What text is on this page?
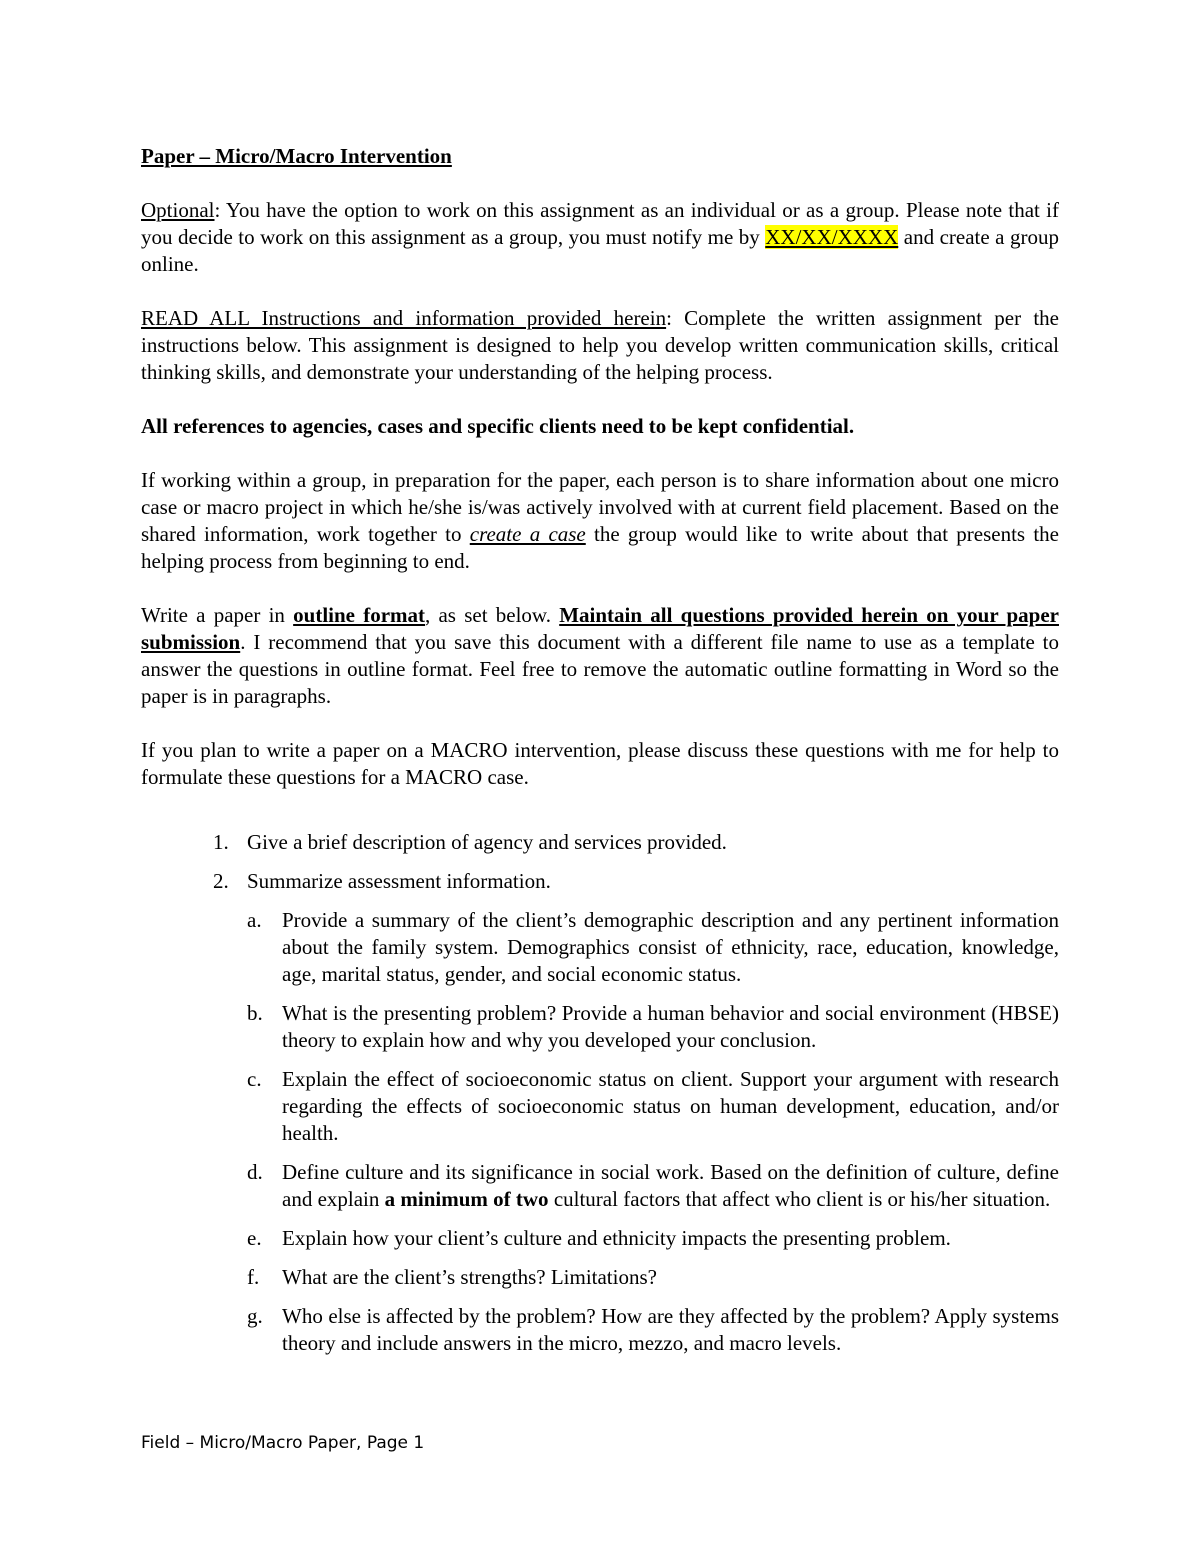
Paper – Micro/Macro Intervention

Optional: You have the option to work on this assignment as an individual or as a group. Please note that if you decide to work on this assignment as a group, you must notify me by XX/XX/XXXX and create a group online.

READ ALL Instructions and information provided herein: Complete the written assignment per the instructions below. This assignment is designed to help you develop written communication skills, critical thinking skills, and demonstrate your understanding of the helping process.

All references to agencies, cases and specific clients need to be kept confidential.

If working within a group, in preparation for the paper, each person is to share information about one micro case or macro project in which he/she is/was actively involved with at current field placement. Based on the shared information, work together to create a case the group would like to write about that presents the helping process from beginning to end.

Write a paper in outline format, as set below. Maintain all questions provided herein on your paper submission. I recommend that you save this document with a different file name to use as a template to answer the questions in outline format. Feel free to remove the automatic outline formatting in Word so the paper is in paragraphs.

If you plan to write a paper on a MACRO intervention, please discuss these questions with me for help to formulate these questions for a MACRO case.

1. Give a brief description of agency and services provided.
2. Summarize assessment information.
a. Provide a summary of the client’s demographic description and any pertinent information about the family system. Demographics consist of ethnicity, race, education, knowledge, age, marital status, gender, and social economic status.
b. What is the presenting problem? Provide a human behavior and social environment (HBSE) theory to explain how and why you developed your conclusion.
c. Explain the effect of socioeconomic status on client. Support your argument with research regarding the effects of socioeconomic status on human development, education, and/or health.
d. Define culture and its significance in social work. Based on the definition of culture, define and explain a minimum of two cultural factors that affect who client is or his/her situation.
e. Explain how your client’s culture and ethnicity impacts the presenting problem.
f. What are the client’s strengths? Limitations?
g. Who else is affected by the problem? How are they affected by the problem? Apply systems theory and include answers in the micro, mezzo, and macro levels.
Field – Micro/Macro Paper, Page 1
